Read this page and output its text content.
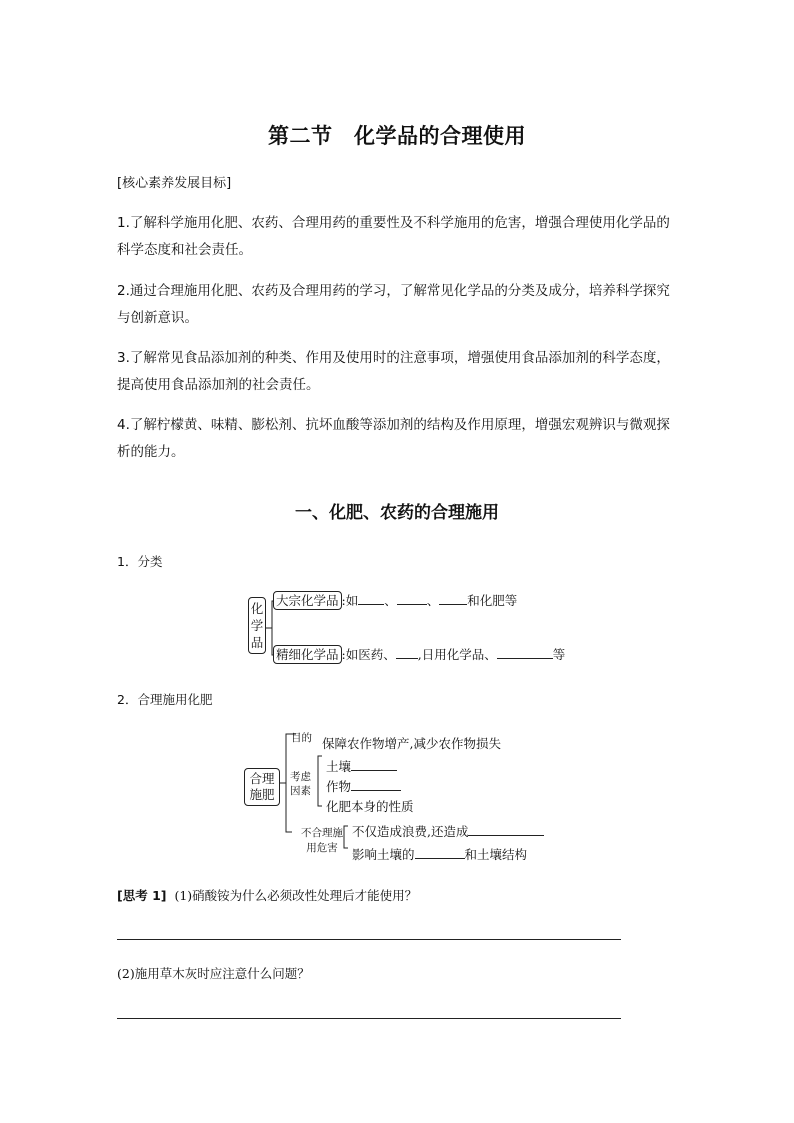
第二节　化学品的合理使用
[核心素养发展目标]
1.了解科学施用化肥、农药、合理用药的重要性及不科学施用的危害，增强合理使用化学品的科学态度和社会责任。
2.通过合理施用化肥、农药及合理用药的学习，了解常见化学品的分类及成分，培养科学探究与创新意识。
3.了解常见食品添加剂的种类、作用及使用时的注意事项，增强使用食品添加剂的科学态度，提高使用食品添加剂的社会责任。
4.了解柠檬黄、味精、膨松剂、抗坏血酸等添加剂的结构及作用原理，增强宏观辨识与微观探析的能力。
一、化肥、农药的合理施用
1．分类
化
学
品
大宗化学品 :如 、 、 和化肥等
精细化学品 :如医药、 ,日用化学品、	等
2．合理施用化肥
合理
施肥
目的 保障农作物增产,减少农作物损失
考虑
因素
土壤
作物
化肥本身的性质
不合理施
用危害
不仅造成浪费,还造成
影响土壤的	和土壤结构
[思考 1] (1)硝酸铵为什么必须改性处理后才能使用？
(2)施用草木灰时应注意什么问题？
